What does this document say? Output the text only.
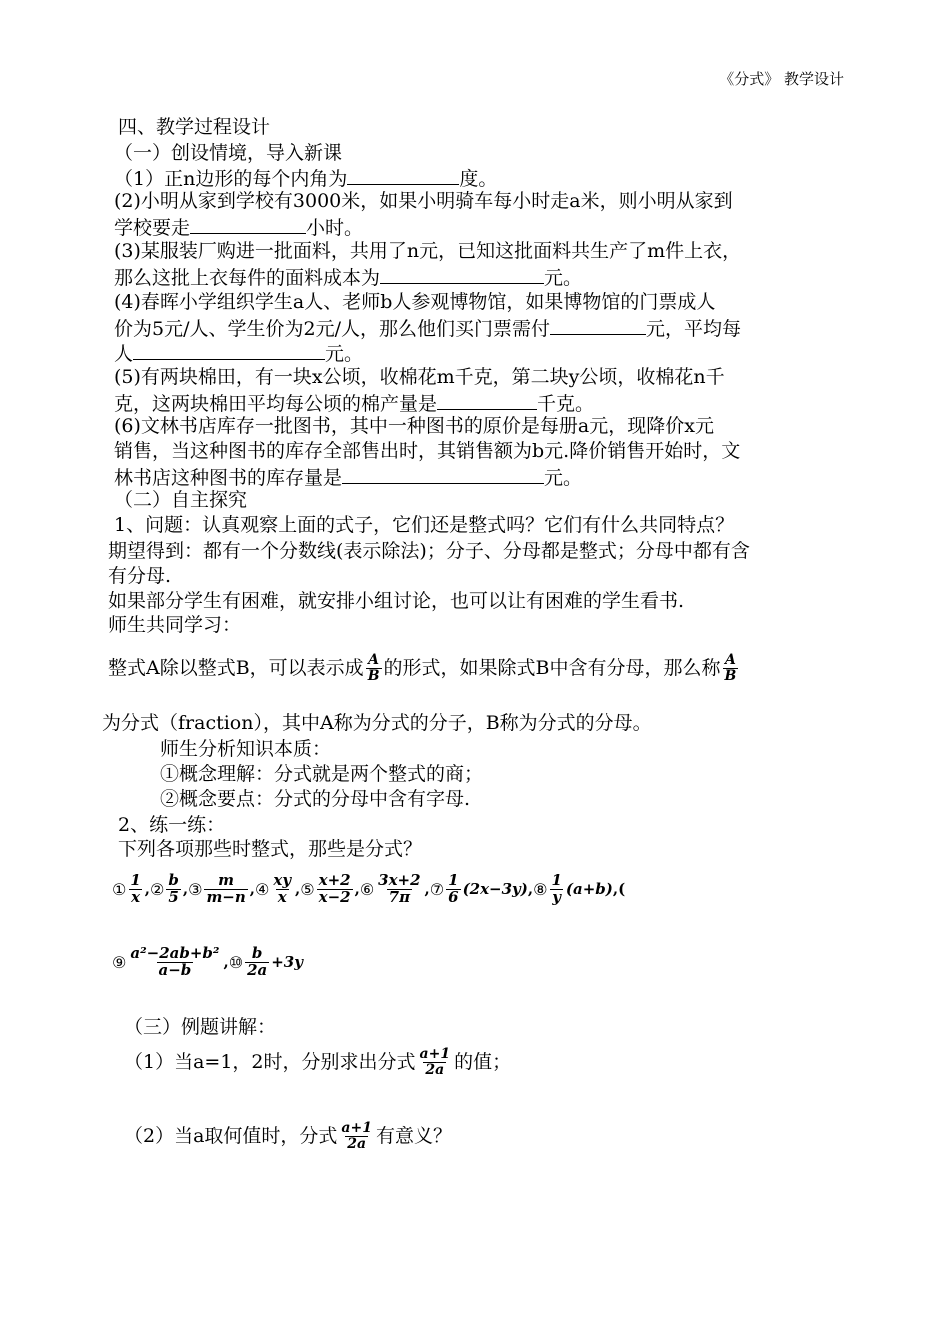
《分式》 教学设计
四、教学过程设计
（一）创设情境，导入新课
（1）正n边形的每个内角为	度。
(2)小明从家到学校有3000米，如果小明骑车每小时走a米，则小明从家到
学校要走	小时。
(3)某服装厂购进一批面料，共用了n元，已知这批面料共生产了m件上衣，
那么这批上衣每件的面料成本为	元。
(4)春晖小学组织学生a人、老师b人参观博物馆，如果博物馆的门票成人
价为5元/人、学生价为2元/人，那么他们买门票需付	元，平均每
人	元。
(5)有两块棉田，有一块x公顷，收棉花m千克，第二块y公顷，收棉花n千
克，这两块棉田平均每公顷的棉产量是	千克。
(6)文林书店库存一批图书，其中一种图书的原价是每册a元，现降价x元
销售，当这种图书的库存全部售出时，其销售额为b元.降价销售开始时，文
林书店这种图书的库存量是	元。
（二）自主探究
1、问题：认真观察上面的式子，它们还是整式吗？它们有什么共同特点？
期望得到：都有一个分数线(表示除法)；分子、分母都是整式；分母中都有含
有分母.
如果部分学生有困难，就安排小组讨论，也可以让有困难的学生看书.
师生共同学习：
整式A除以整式B，可以表示成 $\frac{A}{B}$ 的形式，如果除式B中含有分母，那么称 $\frac{A}{B}$
为分式（fraction），其中A称为分式的分子，B称为分式的分母。
师生分析知识本质：
①概念理解：分式就是两个整式的商；
②概念要点：分式的分母中含有字母.
2、练一练：
下列各项那些时整式，那些是分式？
① $\frac{1}{x}$ , ② $\frac{b}{5}$ , ③ $\frac{m}{m-n}$ , ④ $\frac{xy}{x}$ , ⑤ $\frac{x+2}{x-2}$ , ⑥ $\frac{3x+2}{7\pi}$ , ⑦ $\frac{1}{6} (2x-3y)$ , ⑧ $\frac{1}{y} (a+b)$ ,(
⑨ $\frac{\text{a²−2ab+b²}}{a-b}$ , ⑩ $\frac{b}{2a} +3y$
（三）例题讲解：
（1）当a=1，2时，分别求出分式 $\frac{a+1}{2a}$ 的值；
（2）当a取何值时，分式 $\frac{a+1}{2a}$ 有意义？
